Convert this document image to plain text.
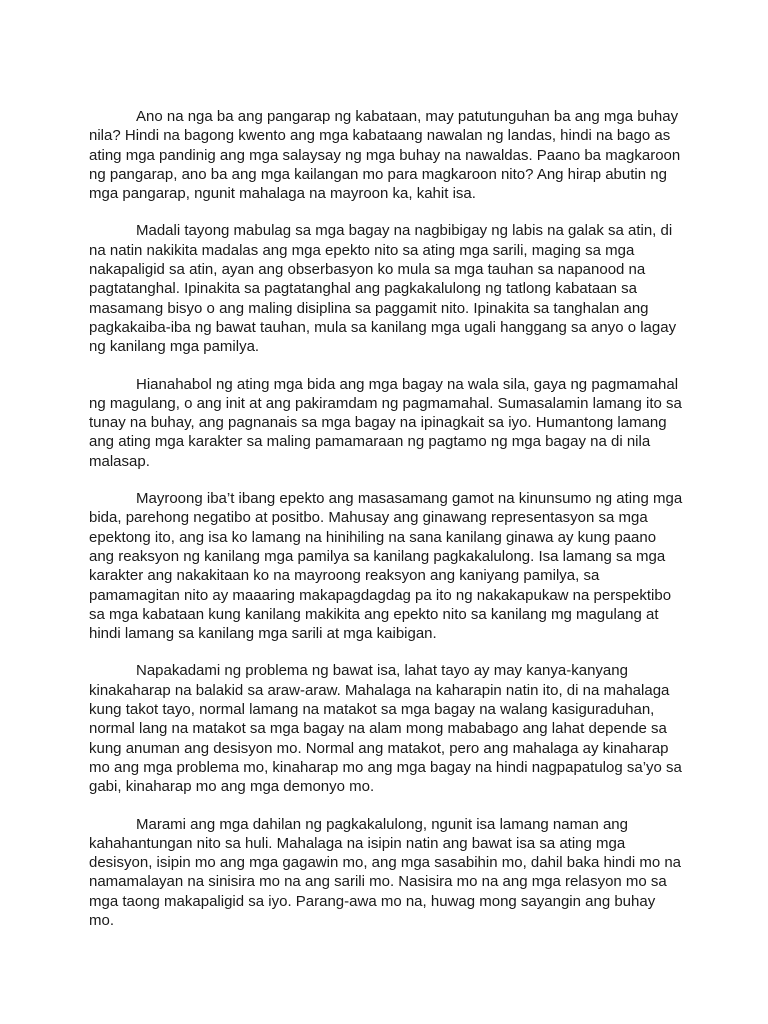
Ano na nga ba ang pangarap ng kabataan, may patutunguhan ba ang mga buhay nila? Hindi na bagong kwento ang mga kabataang nawalan ng landas, hindi na bago as ating mga pandinig ang mga salaysay ng mga buhay na nawaldas. Paano ba magkaroon ng pangarap, ano ba ang mga kailangan mo para magkaroon nito? Ang hirap abutin ng mga pangarap, ngunit mahalaga na mayroon ka, kahit isa.

Madali tayong mabulag sa mga bagay na nagbibigay ng labis na galak sa atin, di na natin nakikita madalas ang mga epekto nito sa ating mga sarili, maging sa mga nakapaligid sa atin, ayan ang obserbasyon ko mula sa mga tauhan sa napanood na pagtatanghal. Ipinakita sa pagtatanghal ang pagkakalulong ng tatlong kabataan sa masamang bisyo o ang maling disiplina sa paggamit nito. Ipinakita sa tanghalan ang pagkakaiba-iba ng bawat tauhan, mula sa kanilang mga ugali hanggang sa anyo o lagay ng kanilang mga pamilya.

Hianahabol ng ating mga bida ang mga bagay na wala sila, gaya ng pagmamahal ng magulang, o ang init at ang pakiramdam ng pagmamahal. Sumasalamin lamang ito sa tunay na buhay, ang pagnanais sa mga bagay na ipinagkait sa iyo. Humantong lamang ang ating mga karakter sa maling pamamaraan ng pagtamo ng mga bagay na di nila malasap.

Mayroong iba’t ibang epekto ang masasamang gamot na kinunsumo ng ating mga bida, parehong negatibo at positbo. Mahusay ang ginawang representasyon sa mga epektong ito, ang isa ko lamang na hinihiling na sana kanilang ginawa ay kung paano ang reaksyon ng kanilang mga pamilya sa kanilang pagkakalulong. Isa lamang sa mga karakter ang nakakitaan ko na mayroong reaksyon ang kaniyang pamilya, sa pamamagitan nito ay maaaring makapagdagdag pa ito ng nakakapukaw na perspektibo sa mga kabataan kung kanilang makikita ang epekto nito sa kanilang mg magulang at hindi lamang sa kanilang mga sarili at mga kaibigan.

Napakadami ng problema ng bawat isa, lahat tayo ay may kanya-kanyang kinakaharap na balakid sa araw-araw. Mahalaga na kaharapin natin ito, di na mahalaga kung takot tayo, normal lamang na matakot sa mga bagay na walang kasiguraduhan, normal lang na matakot sa mga bagay na alam mong mababago ang lahat depende sa kung anuman ang desisyon mo. Normal ang matakot, pero ang mahalaga ay kinaharap mo ang mga problema mo, kinaharap mo ang mga bagay na hindi nagpapatulog sa’yo sa gabi, kinaharap mo ang mga demonyo mo.

Marami ang mga dahilan ng pagkakalulong, ngunit isa lamang naman ang kahahantungan nito sa huli. Mahalaga na isipin natin ang bawat isa sa ating mga desisyon, isipin mo ang mga gagawin mo, ang mga sasabihin mo, dahil baka hindi mo na namamalayan na sinisira mo na ang sarili mo. Nasisira mo na ang mga relasyon mo sa mga taong makapaligid sa iyo. Parang-awa mo na, huwag mong sayangin ang buhay mo.
